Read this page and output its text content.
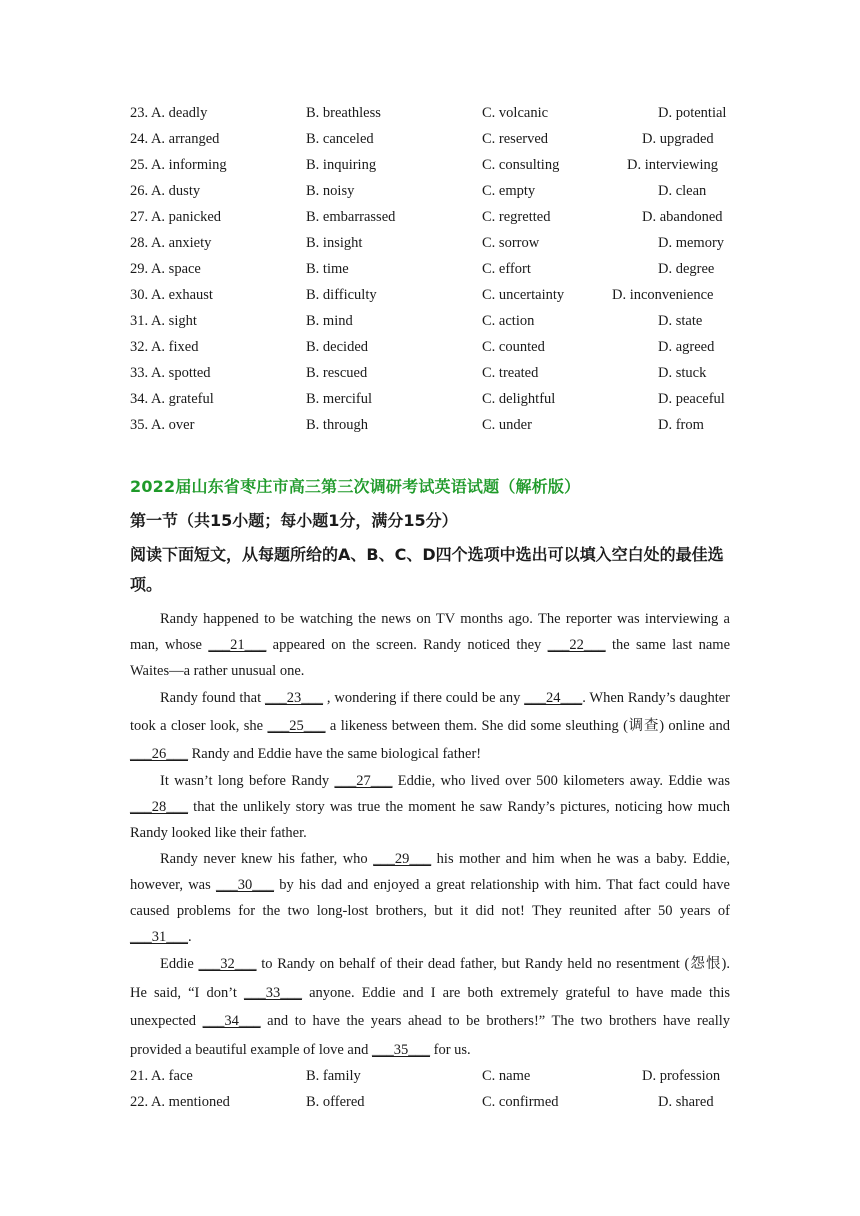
23. A. deadly	B. breathless	C. volcanic	D. potential
24. A. arranged	B. canceled	C. reserved	D. upgraded
25. A. informing	B. inquiring	C. consulting	D. interviewing
26. A. dusty	B. noisy	C. empty	D. clean
27. A. panicked	B. embarrassed	C. regretted	D. abandoned
28. A. anxiety	B. insight	C. sorrow	D. memory
29. A. space	B. time	C. effort	D. degree
30. A. exhaust	B. difficulty	C. uncertainty	D. inconvenience
31. A. sight	B. mind	C. action	D. state
32. A. fixed	B. decided	C. counted	D. agreed
33. A. spotted	B. rescued	C. treated	D. stuck
34. A. grateful	B. merciful	C. delightful	D. peaceful
35. A. over	B. through	C. under	D. from
2022届山东省枣庄市高三第三次调研考试英语试题（解析版）
第一节（共15小题；每小题1分，满分15分）
阅读下面短文，从每题所给的A、B、C、D四个选项中选出可以填入空白处的最佳选项。

Randy happened to be watching the news on TV months ago. The reporter was interviewing a man, whose ___21___ appeared on the screen. Randy noticed they ___22___ the same last name Waites—a rather unusual one.

Randy found that ___23___ , wondering if there could be any ___24___. When Randy’s daughter took a closer look, she ___25___ a likeness between them. She did some sleuthing (调查) online and ___26___ Randy and Eddie have the same biological father!

It wasn’t long before Randy ___27___ Eddie, who lived over 500 kilometers away. Eddie was ___28___ that the unlikely story was true the moment he saw Randy’s pictures, noticing how much Randy looked like their father.

Randy never knew his father, who ___29___ his mother and him when he was a baby. Eddie, however, was ___30___ by his dad and enjoyed a great relationship with him. That fact could have caused problems for the two long-lost brothers, but it did not! They reunited after 50 years of ___31___.

Eddie ___32___ to Randy on behalf of their dead father, but Randy held no resentment (怨恨). He said, “I don’t ___33___ anyone. Eddie and I are both extremely grateful to have made this unexpected ___34___ and to have the years ahead to be brothers!” The two brothers have really provided a beautiful example of love and ___35___ for us.

21. A. face	B. family	C. name	D. profession
22. A. mentioned	B. offered	C. confirmed	D. shared
